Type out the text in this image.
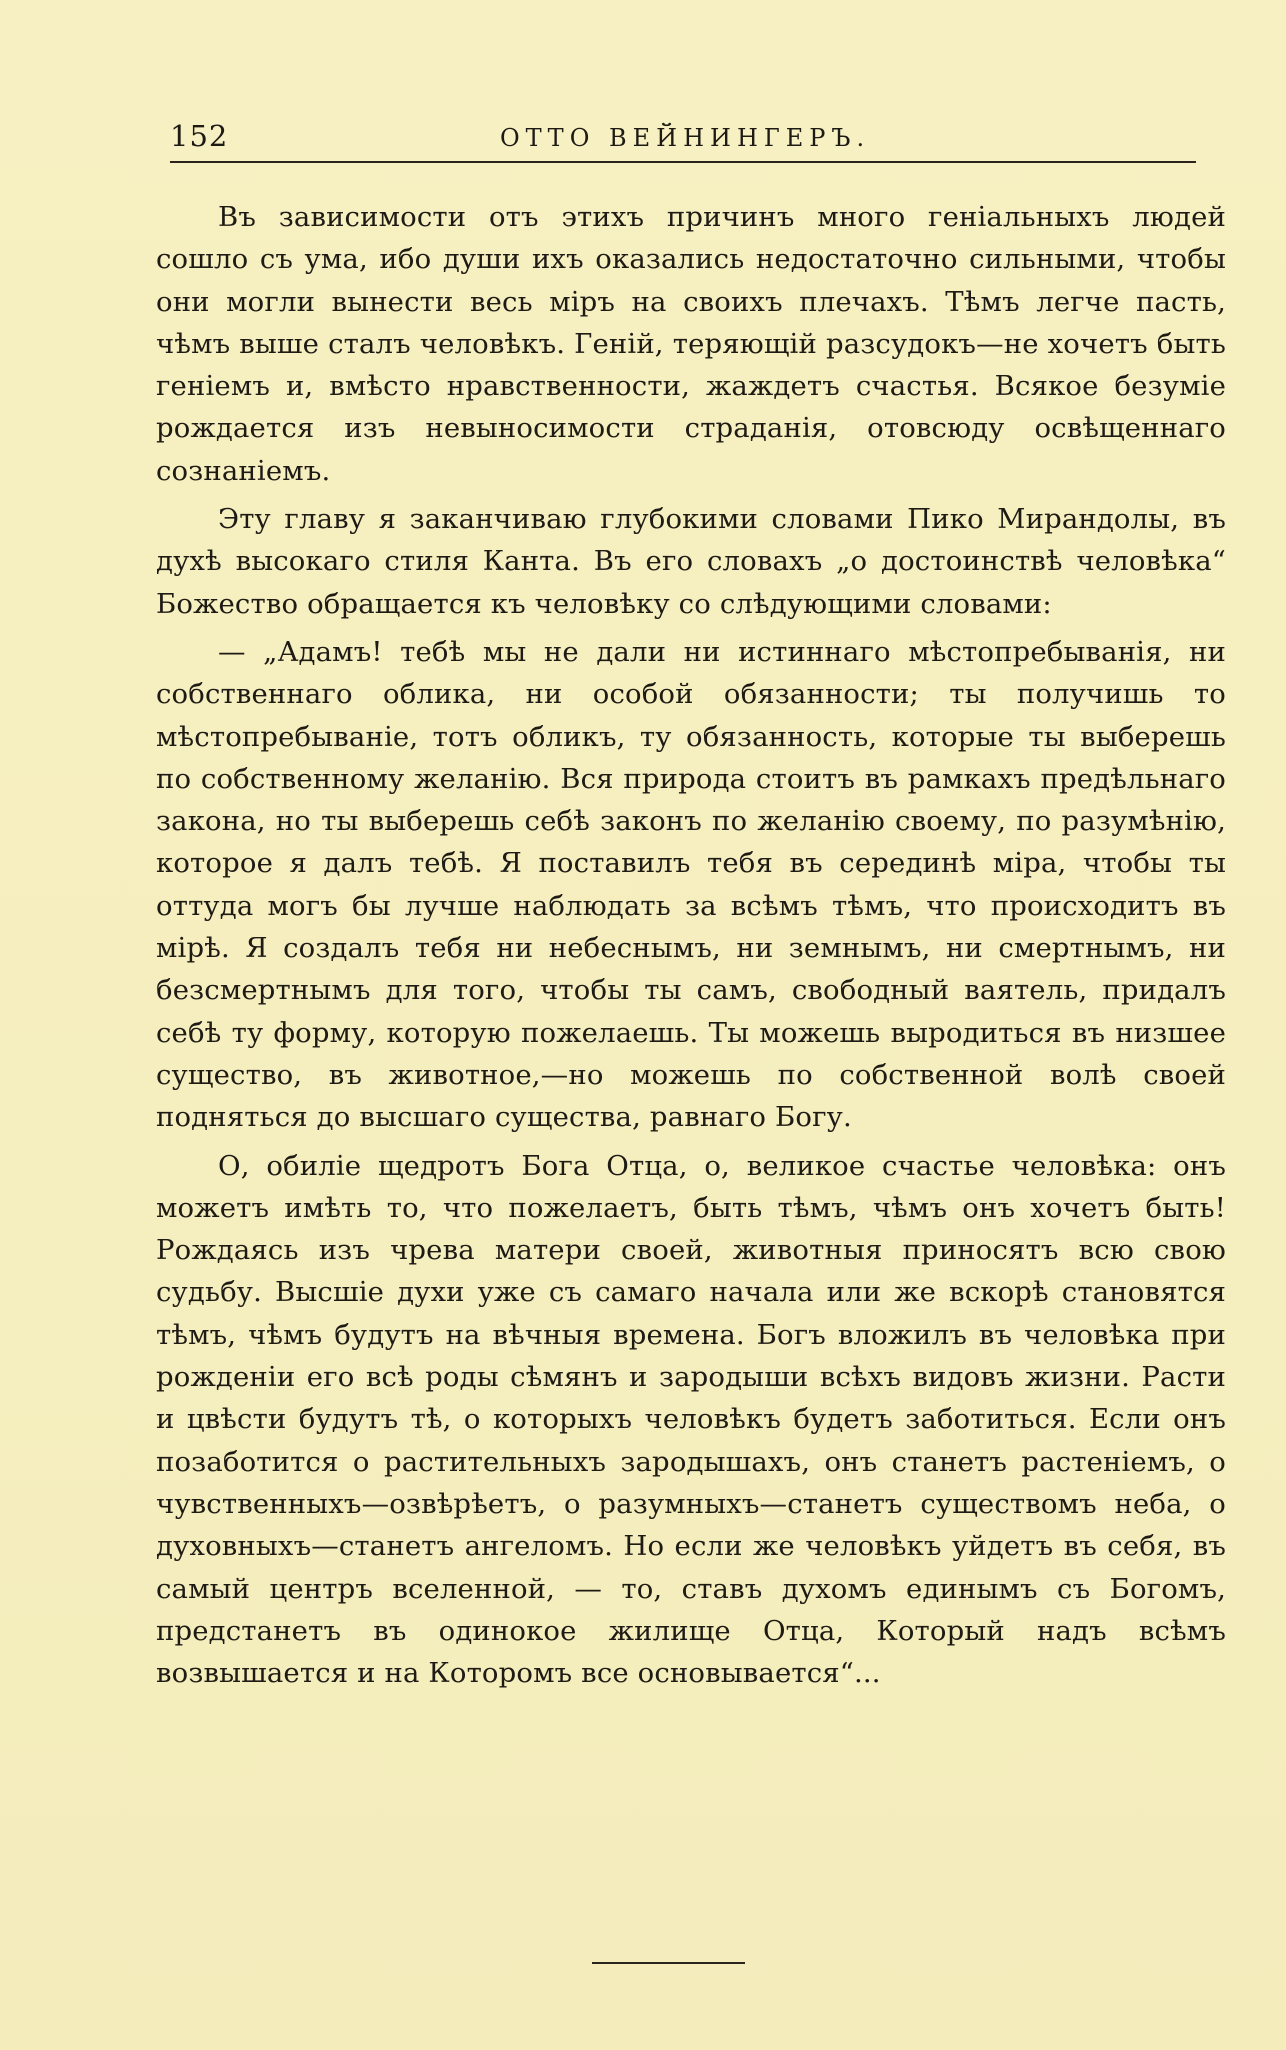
152	ОТТО ВЕЙНИНГЕРЪ.

Въ зависимости отъ этихъ причинъ много геніальныхъ людей сошло съ ума, ибо души ихъ оказались недостаточно сильными, чтобы они могли вынести весь міръ на своихъ плечахъ. Тѣмъ легче пасть, чѣмъ выше сталъ человѣкъ. Геній, теряющій разсудокъ—не хочетъ быть геніемъ и, вмѣсто нравственности, жаждетъ счастья. Всякое безуміе рождается изъ невыносимости страданія, отовсюду освѣщеннаго сознаніемъ.

Эту главу я заканчиваю глубокими словами Пико Мирандолы, въ духѣ высокаго стиля Канта. Въ его словахъ „о достоинствѣ человѣка“ Божество обращается къ человѣку со слѣдующими словами:

— „Адамъ! тебѣ мы не дали ни истиннаго мѣстопребыванія, ни собственнаго облика, ни особой обязанности; ты получишь то мѣстопребываніе, тотъ обликъ, ту обязанность, которые ты выберешь по собственному желанію. Вся природа стоитъ въ рамкахъ предѣльнаго закона, но ты выберешь себѣ законъ по желанію своему, по разумѣнію, которое я далъ тебѣ. Я поставилъ тебя въ серединѣ міра, чтобы ты оттуда могъ бы лучше наблюдать за всѣмъ тѣмъ, что происходитъ въ мірѣ. Я создалъ тебя ни небеснымъ, ни земнымъ, ни смертнымъ, ни безсмертнымъ для того, чтобы ты самъ, свободный ваятель, придалъ себѣ ту форму, которую пожелаешь. Ты можешь выродиться въ низшее существо, въ животное,—но можешь по собственной волѣ своей подняться до высшаго существа, равнаго Богу.

О, обиліе щедротъ Бога Отца, о, великое счастье человѣка: онъ можетъ имѣть то, что пожелаетъ, быть тѣмъ, чѣмъ онъ хочетъ быть! Рождаясь изъ чрева матери своей, животныя приносятъ всю свою судьбу. Высшіе духи уже съ самаго начала или же вскорѣ становятся тѣмъ, чѣмъ будутъ на вѣчныя времена. Богъ вложилъ въ человѣка при рожденіи его всѣ роды сѣмянъ и зародыши всѣхъ видовъ жизни. Расти и цвѣсти будутъ тѣ, о которыхъ человѣкъ будетъ заботиться. Если онъ позаботится о растительныхъ зародышахъ, онъ станетъ растеніемъ, о чувственныхъ—озвѣрѣетъ, о разумныхъ—станетъ существомъ неба, о духовныхъ—станетъ ангеломъ. Но если же человѣкъ уйдетъ въ себя, въ самый центръ вселенной, — то, ставъ духомъ единымъ съ Богомъ, предстанетъ въ одинокое жилище Отца, Который надъ всѣмъ возвышается и на Которомъ все основывается“...
